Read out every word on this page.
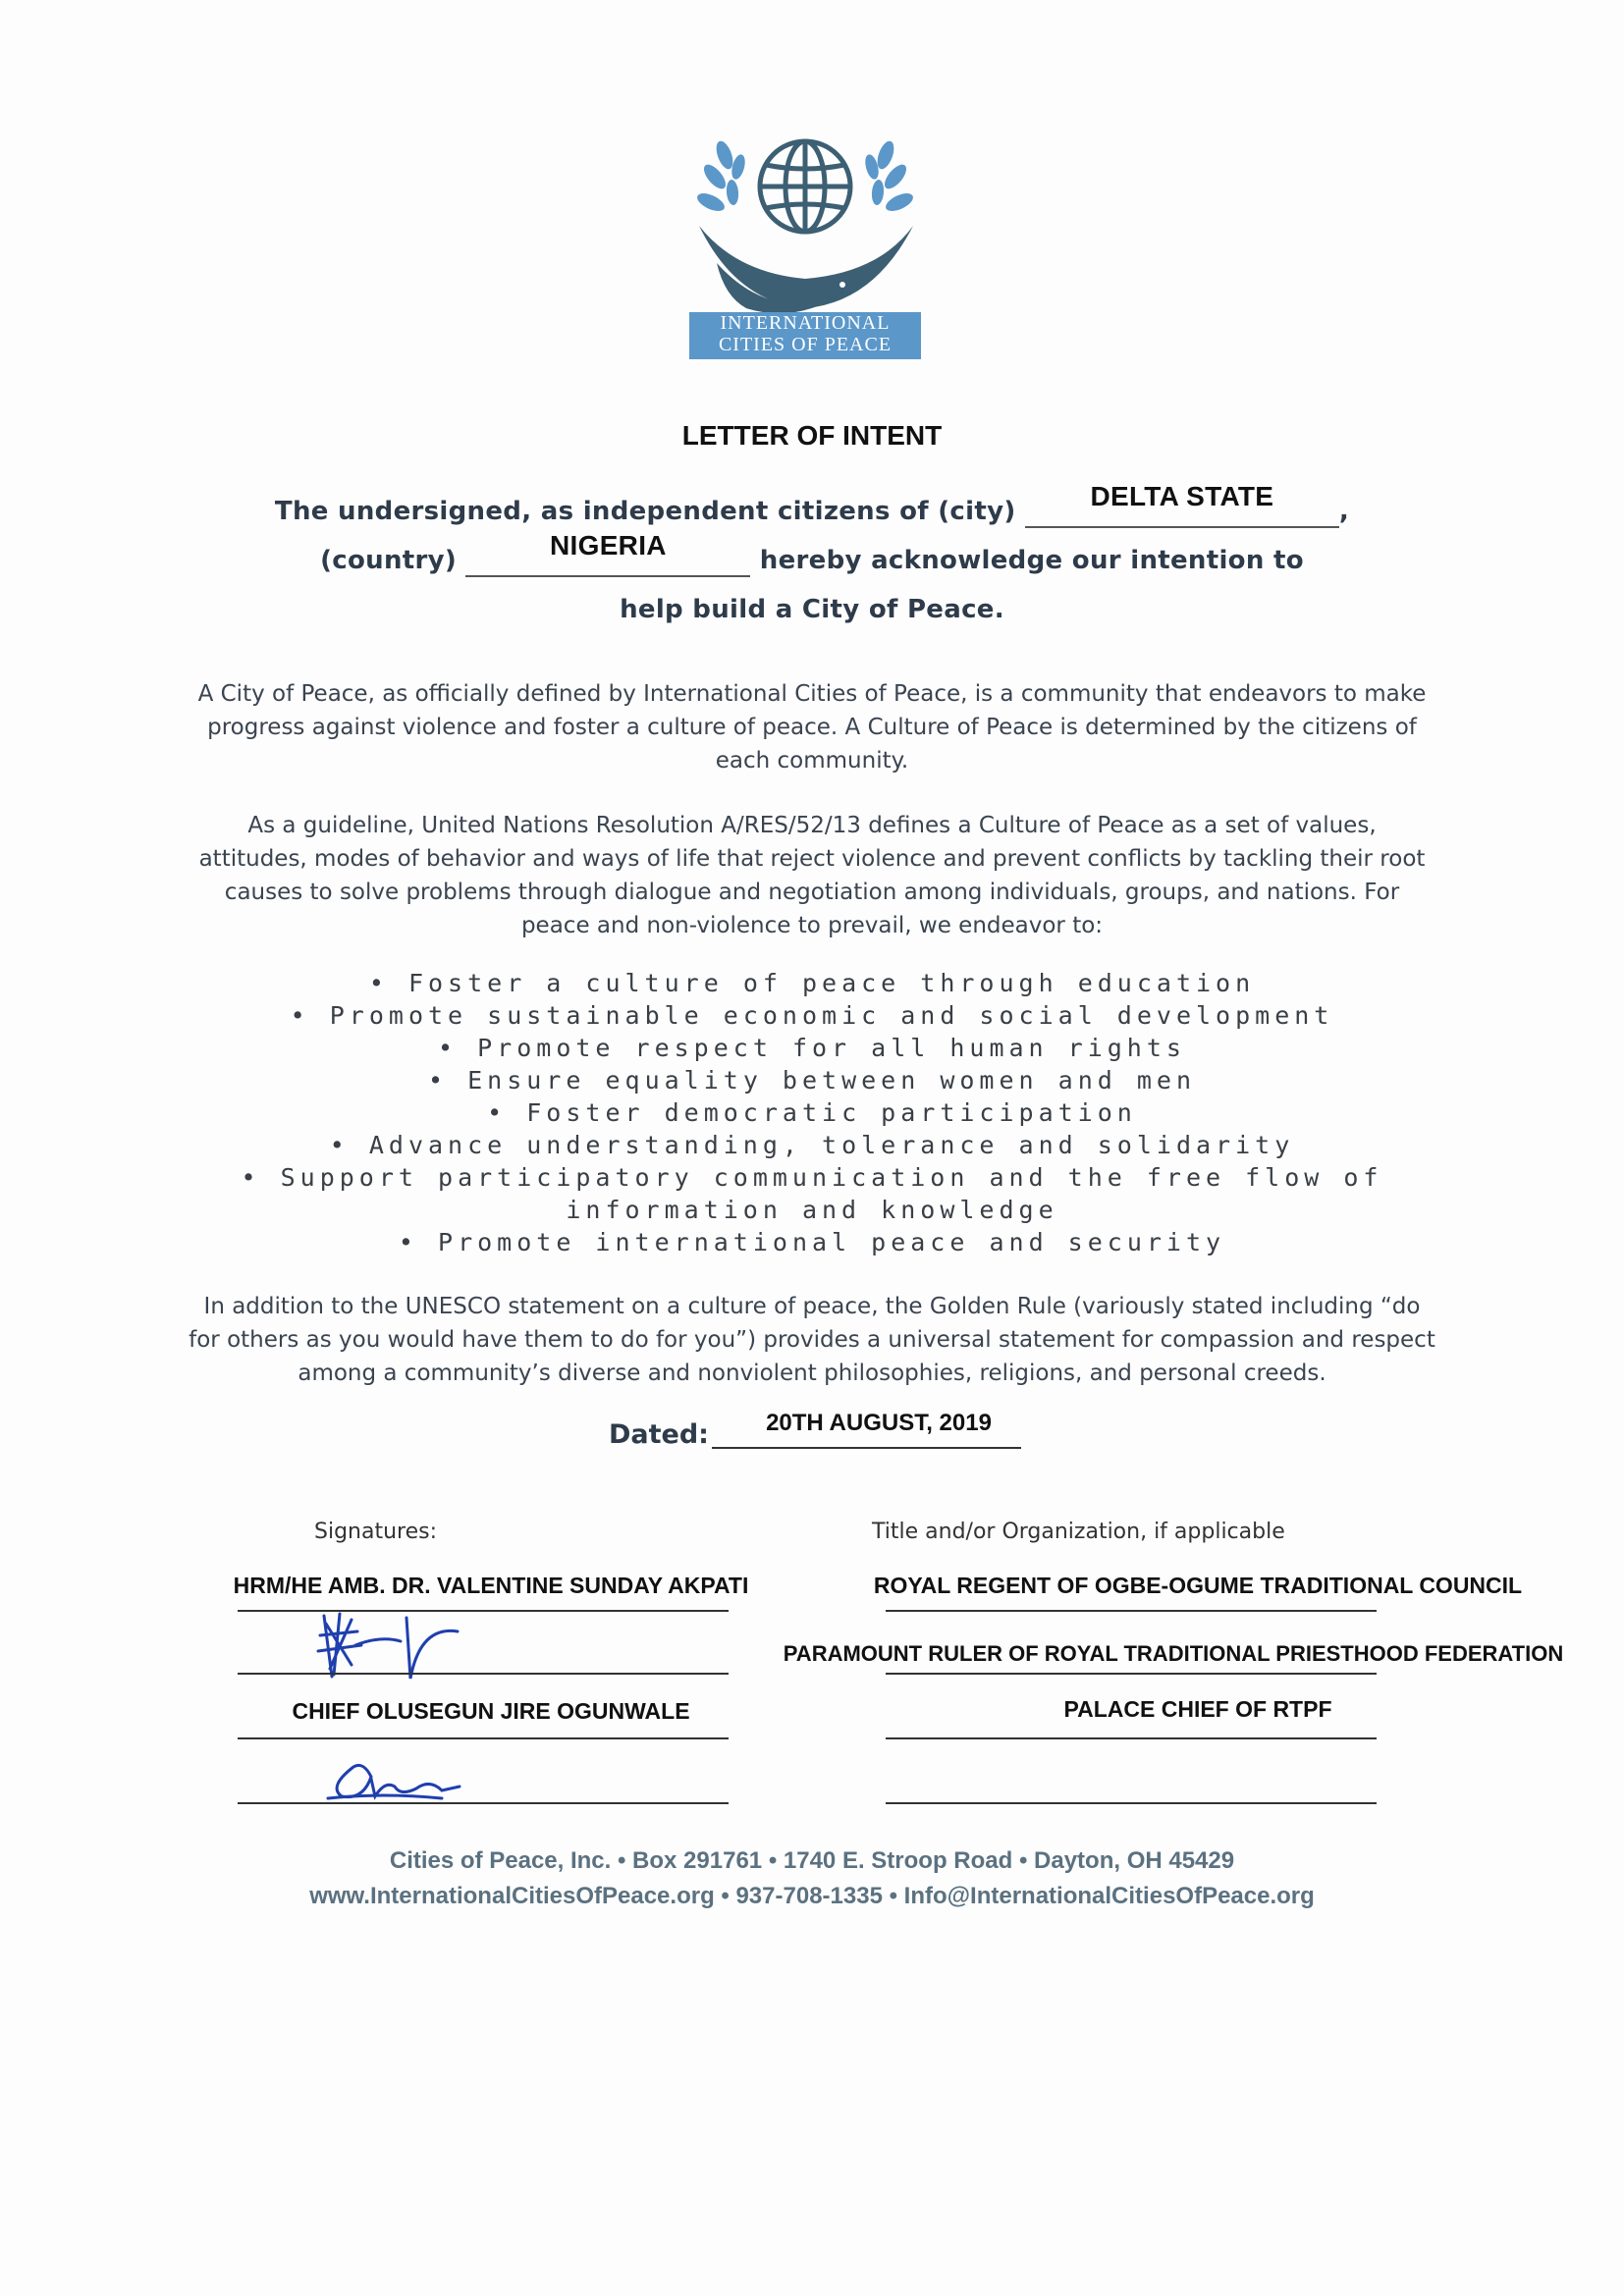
INTERNATIONAL
CITIES OF PEACE
LETTER OF INTENT
The undersigned, as independent citizens of (city)	DELTA STATE	,
(country)	NIGERIA	hereby acknowledge our intention to
help build a City of Peace.
A City of Peace, as officially defined by International Cities of Peace, is a community that endeavors to make progress against violence and foster a culture of peace. A Culture of Peace is determined by the citizens of each community.
As a guideline, United Nations Resolution A/RES/52/13 defines a Culture of Peace as a set of values, attitudes, modes of behavior and ways of life that reject violence and prevent conflicts by tackling their root causes to solve problems through dialogue and negotiation among individuals, groups, and nations. For peace and non-violence to prevail, we endeavor to:
• Foster a culture of peace through education
• Promote sustainable economic and social development
• Promote respect for all human rights
• Ensure equality between women and men
• Foster democratic participation
• Advance understanding, tolerance and solidarity
• Support participatory communication and the free flow of
information and knowledge
• Promote international peace and security
In addition to the UNESCO statement on a culture of peace, the Golden Rule (variously stated including “do for others as you would have them to do for you”) provides a universal statement for compassion and respect among a community’s diverse and nonviolent philosophies, religions, and personal creeds.
Dated:	20TH AUGUST, 2019
Signatures:	Title and/or Organization, if applicable
HRM/HE AMB. DR. VALENTINE SUNDAY AKPATI	ROYAL REGENT OF OGBE-OGUME TRADITIONAL COUNCIL
PARAMOUNT RULER OF ROYAL TRADITIONAL PRIESTHOOD FEDERATION
CHIEF OLUSEGUN JIRE OGUNWALE	PALACE CHIEF OF RTPF
Cities of Peace, Inc. • Box 291761 • 1740 E. Stroop Road • Dayton, OH 45429
www.InternationalCitiesOfPeace.org • 937-708-1335 • Info@InternationalCitiesOfPeace.org
